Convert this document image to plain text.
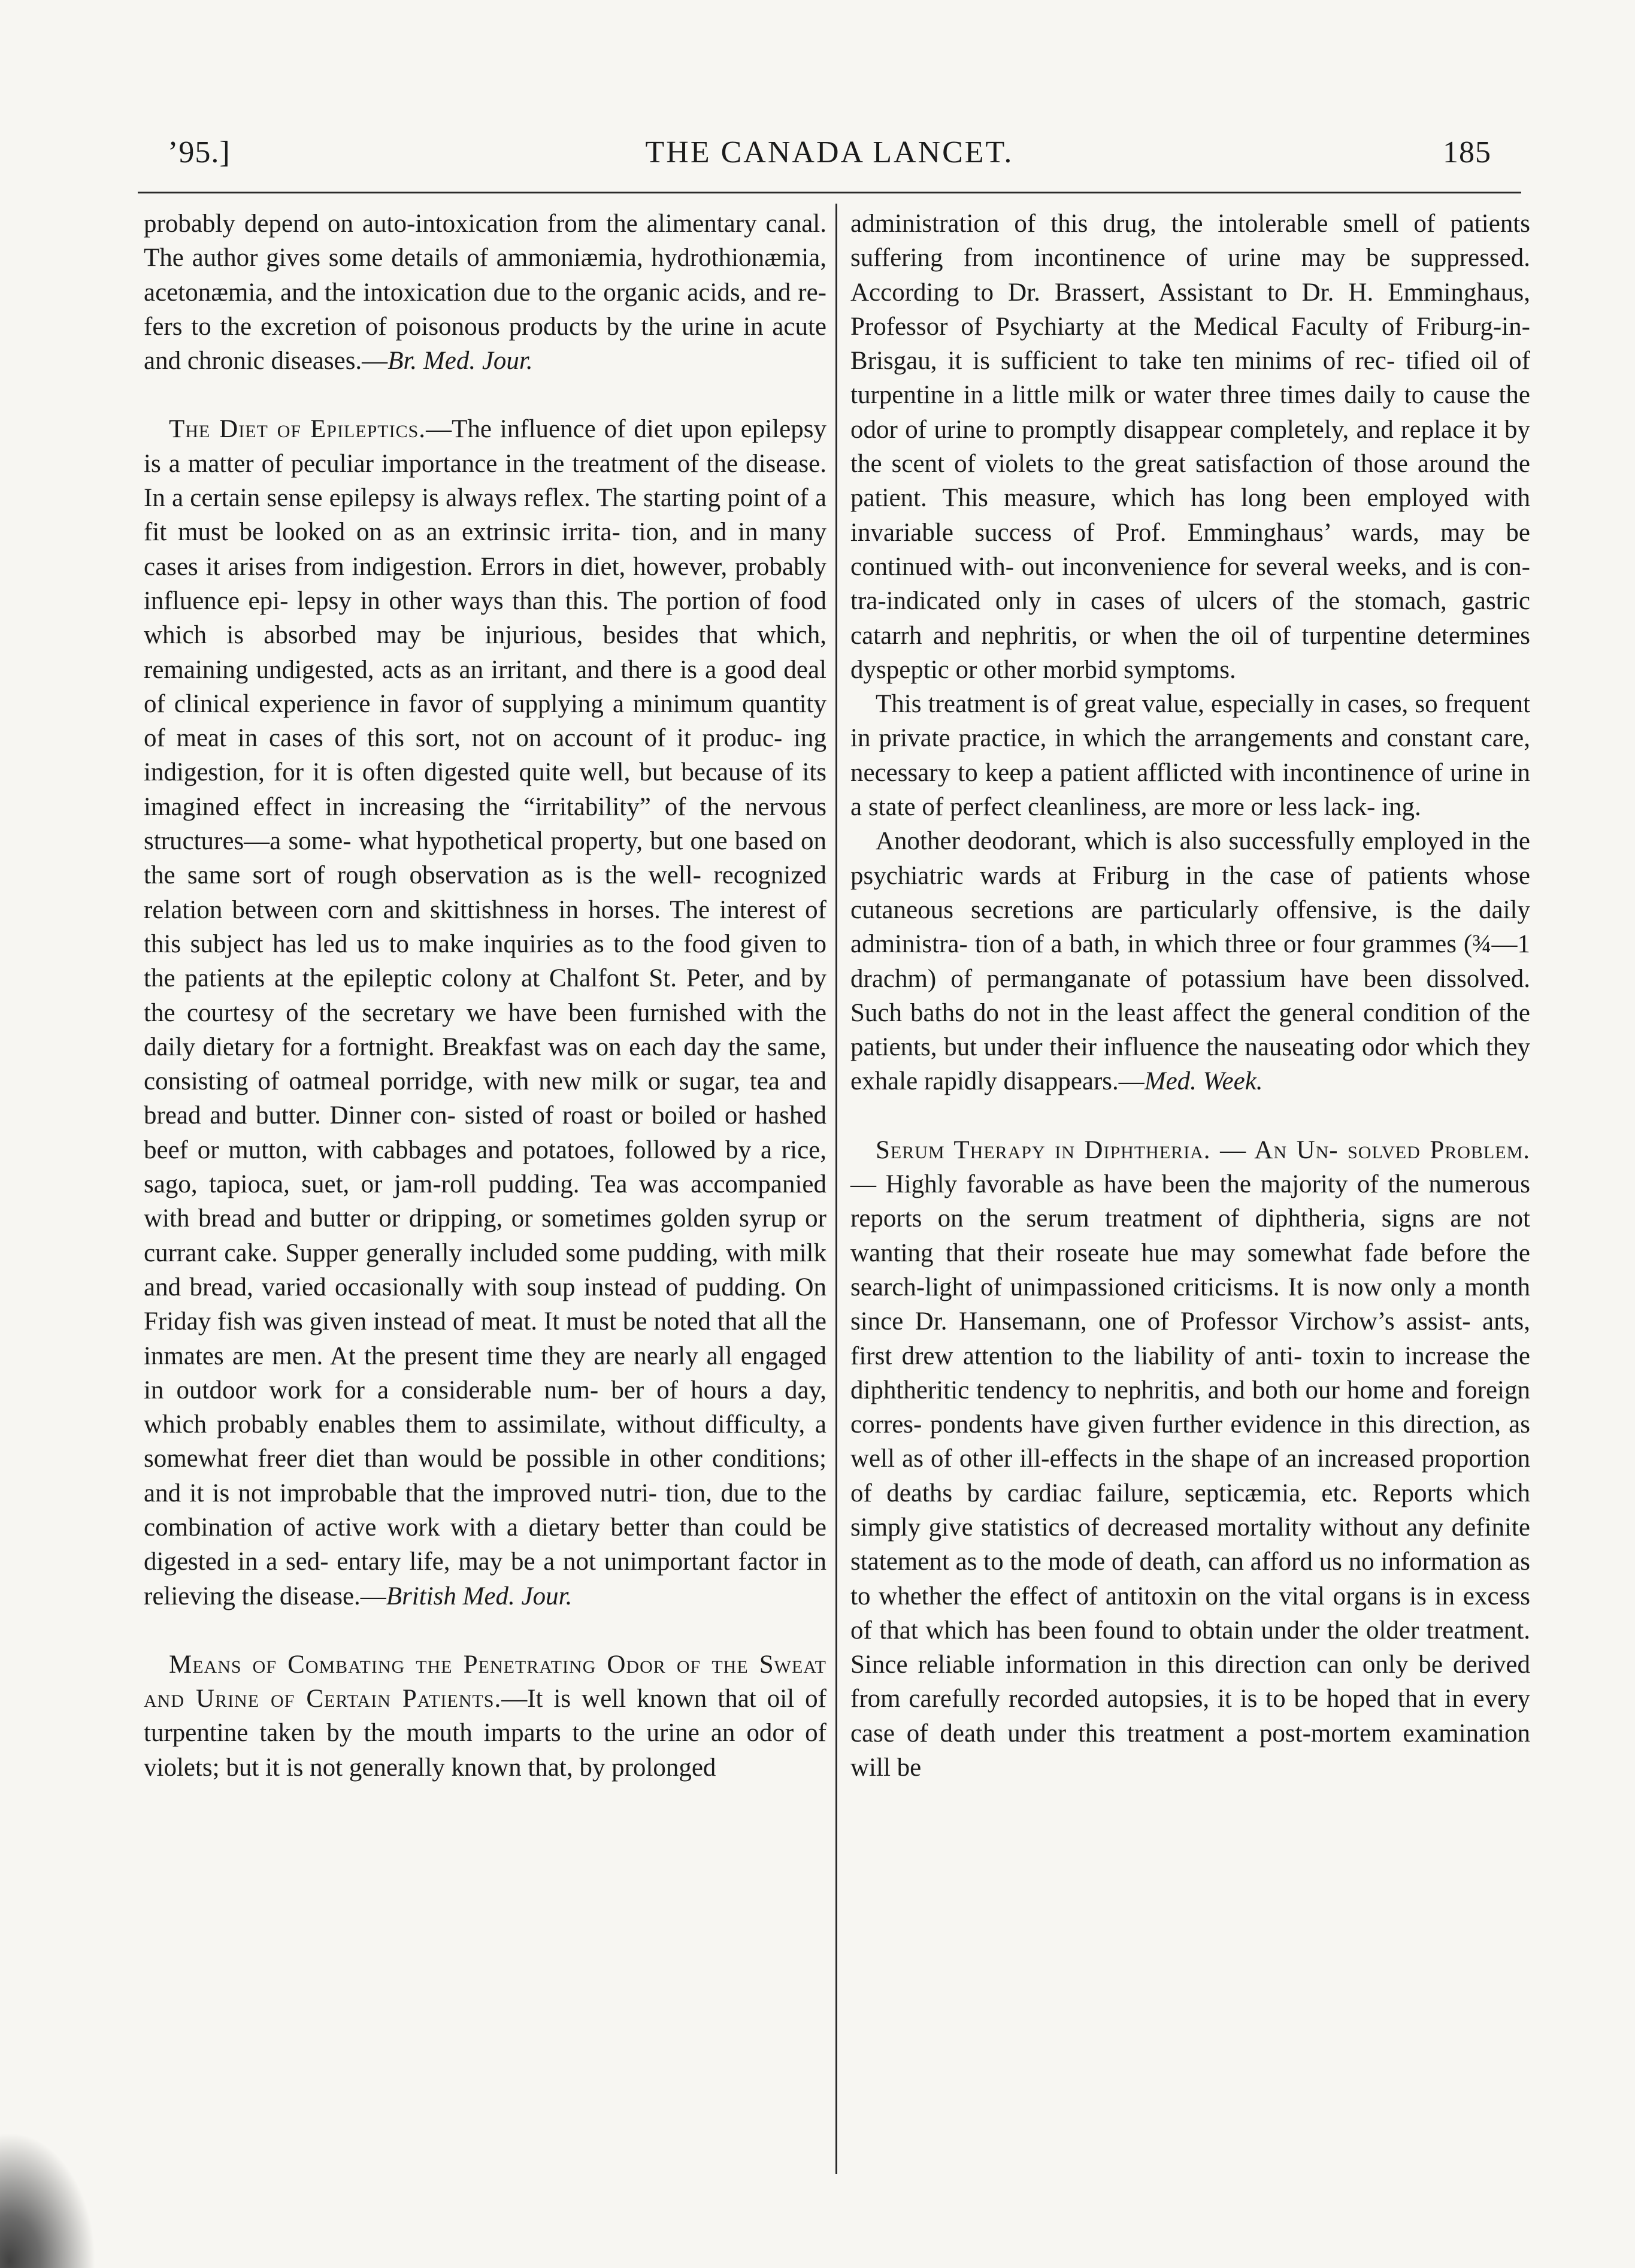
’95.]	THE CANADA LANCET.	185

probably depend on auto-intoxication from the alimentary canal. The author gives some details of ammoniæmia, hydrothionæmia, acetonæmia, and the intoxication due to the organic acids, and re- fers to the excretion of poisonous products by the urine in acute and chronic diseases.—Br. Med. Jour.

The Diet of Epileptics.—The influence of diet upon epilepsy is a matter of peculiar importance in the treatment of the disease. In a certain sense epilepsy is always reflex. The starting point of a fit must be looked on as an extrinsic irrita- tion, and in many cases it arises from indigestion. Errors in diet, however, probably influence epi- lepsy in other ways than this. The portion of food which is absorbed may be injurious, besides that which, remaining undigested, acts as an irritant, and there is a good deal of clinical experience in favor of supplying a minimum quantity of meat in cases of this sort, not on account of it produc- ing indigestion, for it is often digested quite well, but because of its imagined effect in increasing the “irritability” of the nervous structures—a some- what hypothetical property, but one based on the same sort of rough observation as is the well- recognized relation between corn and skittishness in horses. The interest of this subject has led us to make inquiries as to the food given to the patients at the epileptic colony at Chalfont St. Peter, and by the courtesy of the secretary we have been furnished with the daily dietary for a fortnight. Breakfast was on each day the same, consisting of oatmeal porridge, with new milk or sugar, tea and bread and butter. Dinner con- sisted of roast or boiled or hashed beef or mutton, with cabbages and potatoes, followed by a rice, sago, tapioca, suet, or jam-roll pudding. Tea was accompanied with bread and butter or dripping, or sometimes golden syrup or currant cake. Supper generally included some pudding, with milk and bread, varied occasionally with soup instead of pudding. On Friday fish was given instead of meat. It must be noted that all the inmates are men. At the present time they are nearly all engaged in outdoor work for a considerable num- ber of hours a day, which probably enables them to assimilate, without difficulty, a somewhat freer diet than would be possible in other conditions; and it is not improbable that the improved nutri- tion, due to the combination of active work with a dietary better than could be digested in a sed- entary life, may be a not unimportant factor in relieving the disease.—British Med. Jour.

Means of Combating the Penetrating Odor of the Sweat and Urine of Certain Patients.—It is well known that oil of turpentine taken by the mouth imparts to the urine an odor of violets; but it is not generally known that, by prolonged

administration of this drug, the intolerable smell of patients suffering from incontinence of urine may be suppressed. According to Dr. Brassert, Assistant to Dr. H. Emminghaus, Professor of Psychiarty at the Medical Faculty of Friburg-in- Brisgau, it is sufficient to take ten minims of rec- tified oil of turpentine in a little milk or water three times daily to cause the odor of urine to promptly disappear completely, and replace it by the scent of violets to the great satisfaction of those around the patient. This measure, which has long been employed with invariable success of Prof. Emminghaus’ wards, may be continued with- out inconvenience for several weeks, and is con- tra-indicated only in cases of ulcers of the stomach, gastric catarrh and nephritis, or when the oil of turpentine determines dyspeptic or other morbid symptoms.

This treatment is of great value, especially in cases, so frequent in private practice, in which the arrangements and constant care, necessary to keep a patient afflicted with incontinence of urine in a state of perfect cleanliness, are more or less lack- ing.

Another deodorant, which is also successfully employed in the psychiatric wards at Friburg in the case of patients whose cutaneous secretions are particularly offensive, is the daily administra- tion of a bath, in which three or four grammes (¾—1 drachm) of permanganate of potassium have been dissolved. Such baths do not in the least affect the general condition of the patients, but under their influence the nauseating odor which they exhale rapidly disappears.—Med. Week.

Serum Therapy in Diphtheria. — An Un- solved Problem. — Highly favorable as have been the majority of the numerous reports on the serum treatment of diphtheria, signs are not wanting that their roseate hue may somewhat fade before the search-light of unimpassioned criticisms. It is now only a month since Dr. Hansemann, one of Professor Virchow’s assist- ants, first drew attention to the liability of anti- toxin to increase the diphtheritic tendency to nephritis, and both our home and foreign corres- pondents have given further evidence in this direction, as well as of other ill-effects in the shape of an increased proportion of deaths by cardiac failure, septicæmia, etc. Reports which simply give statistics of decreased mortality without any definite statement as to the mode of death, can afford us no information as to whether the effect of antitoxin on the vital organs is in excess of that which has been found to obtain under the older treatment. Since reliable information in this direction can only be derived from carefully recorded autopsies, it is to be hoped that in every case of death under this treatment a post-mortem examination will be
